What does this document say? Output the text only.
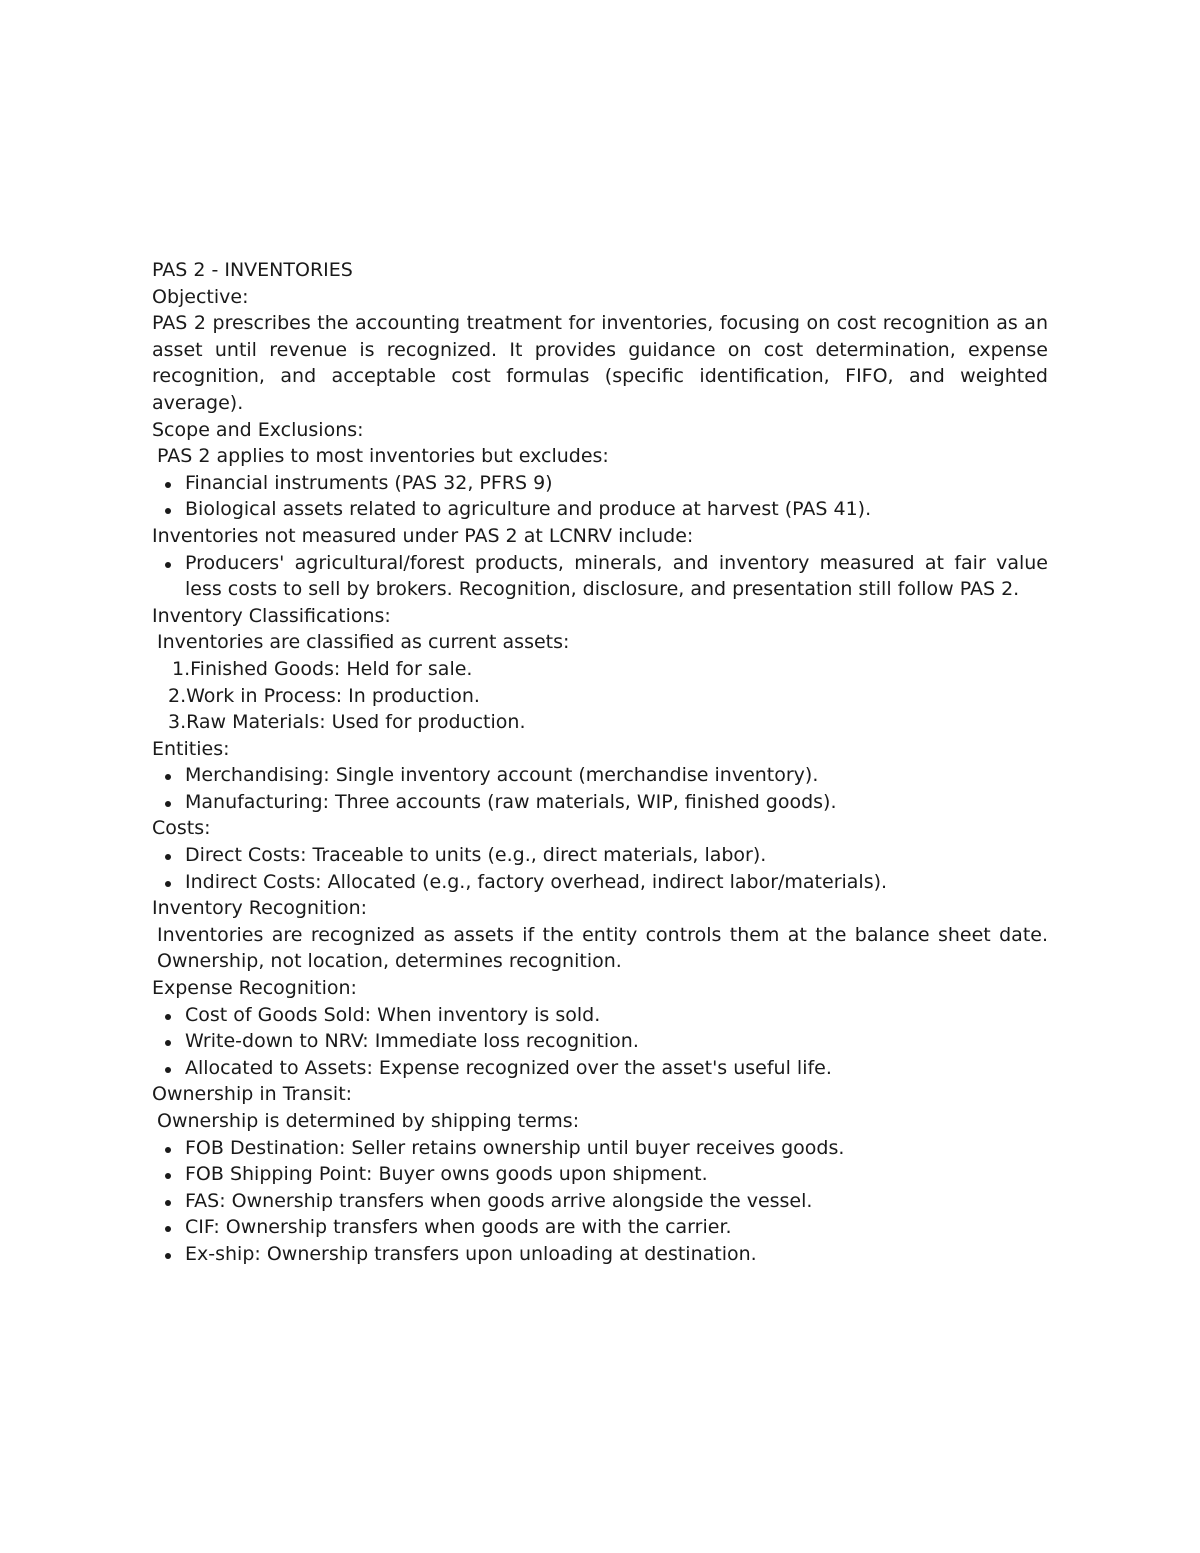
PAS 2 - INVENTORIES
Objective:
PAS 2 prescribes the accounting treatment for inventories, focusing on cost recognition as an asset until revenue is recognized. It provides guidance on cost determination, expense recognition, and acceptable cost formulas (specific identification, FIFO, and weighted average).
Scope and Exclusions:
PAS 2 applies to most inventories but excludes:
Financial instruments (PAS 32, PFRS 9)
Biological assets related to agriculture and produce at harvest (PAS 41).
Inventories not measured under PAS 2 at LCNRV include:
Producers' agricultural/forest products, minerals, and inventory measured at fair value less costs to sell by brokers. Recognition, disclosure, and presentation still follow PAS 2.
Inventory Classifications:
Inventories are classified as current assets:
1.Finished Goods: Held for sale.
2.Work in Process: In production.
3.Raw Materials: Used for production.
Entities:
Merchandising: Single inventory account (merchandise inventory).
Manufacturing: Three accounts (raw materials, WIP, finished goods).
Costs:
Direct Costs: Traceable to units (e.g., direct materials, labor).
Indirect Costs: Allocated (e.g., factory overhead, indirect labor/materials).
Inventory Recognition:
Inventories are recognized as assets if the entity controls them at the balance sheet date. Ownership, not location, determines recognition.
Expense Recognition:
Cost of Goods Sold: When inventory is sold.
Write-down to NRV: Immediate loss recognition.
Allocated to Assets: Expense recognized over the asset's useful life.
Ownership in Transit:
Ownership is determined by shipping terms:
FOB Destination: Seller retains ownership until buyer receives goods.
FOB Shipping Point: Buyer owns goods upon shipment.
FAS: Ownership transfers when goods arrive alongside the vessel.
CIF: Ownership transfers when goods are with the carrier.
Ex-ship: Ownership transfers upon unloading at destination.
